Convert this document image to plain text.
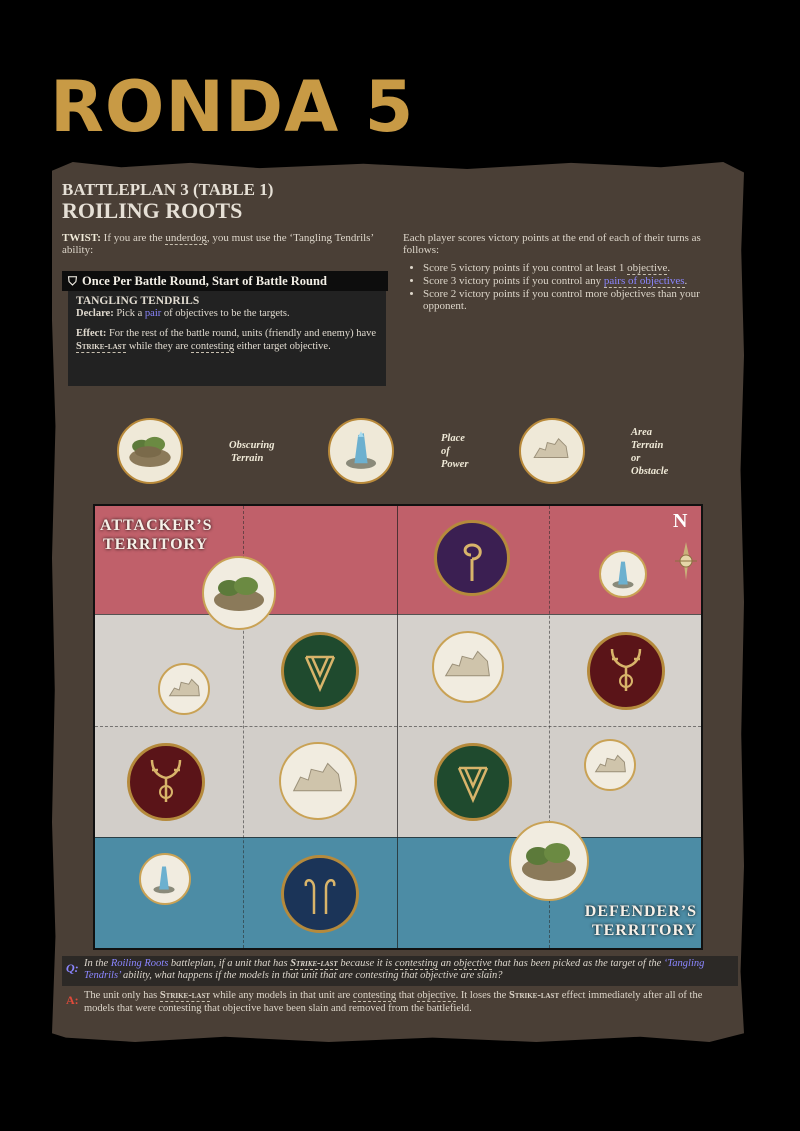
RONDA 5
BATTLEPLAN 3 (TABLE 1)
ROILING ROOTS
TWIST: If you are the underdog, you must use the ‘Tangling Tendrils’ ability:
⛉ Once Per Battle Round, Start of Battle Round
TANGLING TENDRILS
Declare: Pick a pair of objectives to be the targets.
Effect: For the rest of the battle round, units (friendly and enemy) have Strike-last while they are contesting either target objective.
Each player scores victory points at the end of each of their turns as follows:
• Score 5 victory points if you control at least 1 objective.
• Score 3 victory points if you control any pairs of objectives.
• Score 2 victory points if you control more objectives than your opponent.
Obscuring
Terrain
Place
of
Power
Area
Terrain
or
Obstacle
ATTACKER’S
TERRITORY
DEFENDER’S
TERRITORY
N
Q: In the Roiling Roots battleplan, if a unit that has Strike-last because it is contesting an objective that has been picked as the target of the ‘Tangling Tendrils’ ability, what happens if the models in that unit that are contesting that objective are slain?
A: The unit only has Strike-last while any models in that unit are contesting that objective. It loses the Strike-last effect immediately after all of the models that were contesting that objective have been slain and removed from the battlefield.
